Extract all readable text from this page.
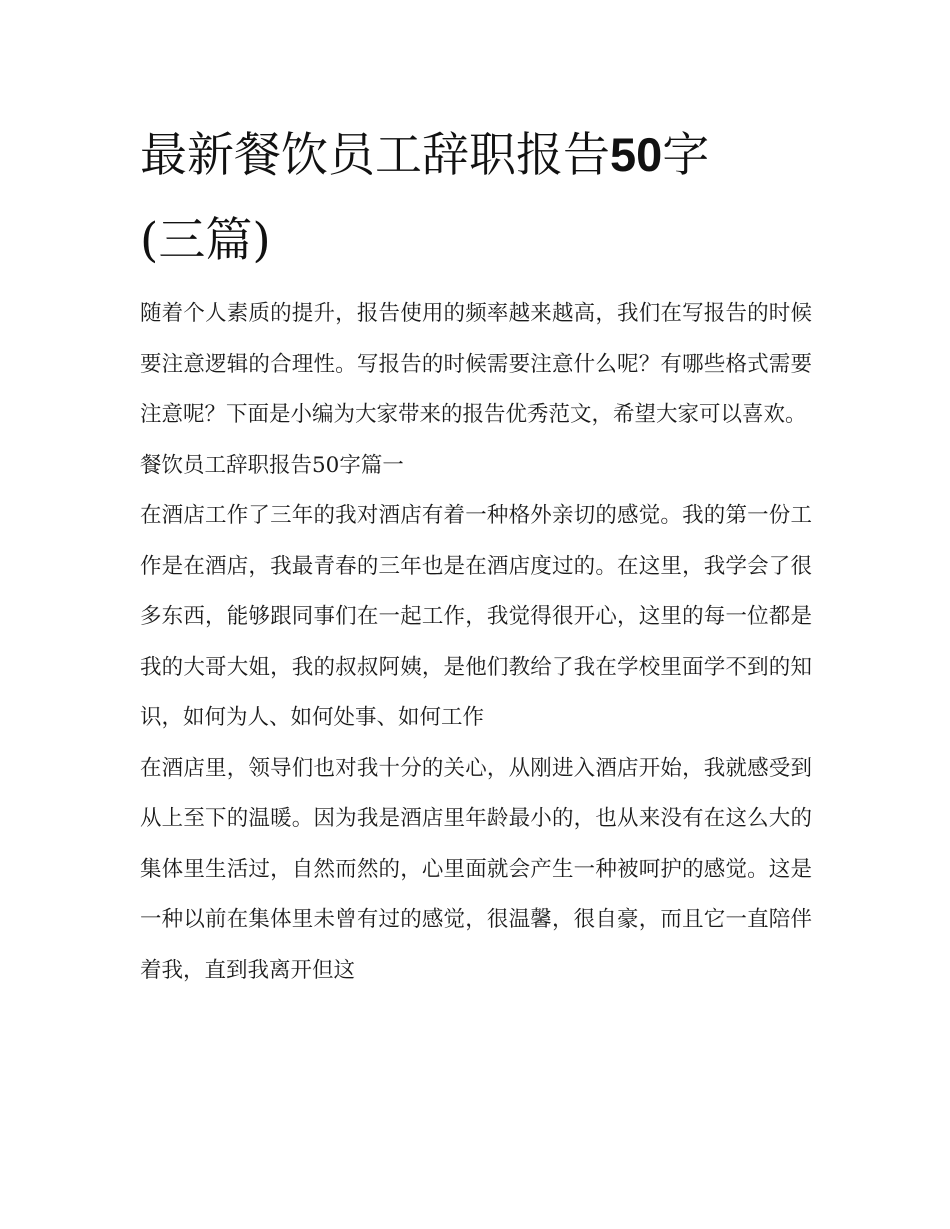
最新餐饮员工辞职报告50字
(三篇)

随着个人素质的提升，报告使用的频率越来越高，我们在写报告的时候要注意逻辑的合理性。写报告的时候需要注意什么呢？有哪些格式需要注意呢？下面是小编为大家带来的报告优秀范文，希望大家可以喜欢。

餐饮员工辞职报告50字篇一

在酒店工作了三年的我对酒店有着一种格外亲切的感觉。我的第一份工作是在酒店，我最青春的三年也是在酒店度过的。在这里，我学会了很多东西，能够跟同事们在一起工作，我觉得很开心，这里的每一位都是我的大哥大姐，我的叔叔阿姨，是他们教给了我在学校里面学不到的知识，如何为人、如何处事、如何工作

在酒店里，领导们也对我十分的关心，从刚进入酒店开始，我就感受到从上至下的温暖。因为我是酒店里年龄最小的，也从来没有在这么大的集体里生活过，自然而然的，心里面就会产生一种被呵护的感觉。这是一种以前在集体里未曾有过的感觉，很温馨，很自豪，而且它一直陪伴着我，直到我离开但这
